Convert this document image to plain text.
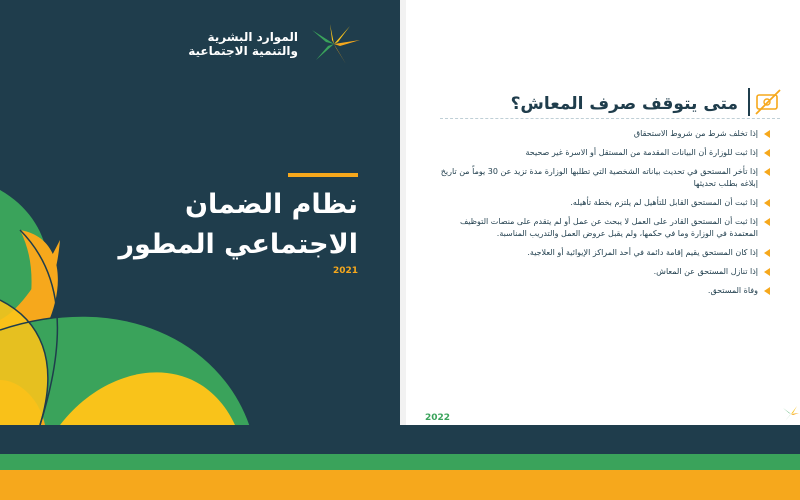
الموارد البشرية
والتنمية الاجتماعية
نظام الضمان
الاجتماعي المطور
2021
متى يتوقف صرف المعاش؟
إذا تخلف شرط من شروط الاستحقاق
إذا ثبت للوزارة أن البيانات المقدمة من المستقل أو الاسرة غير صحيحة
إذا تأخر المستحق في تحديث بياناته الشخصية التي تطلبها الوزارة مدة تزيد عن 30 يوماً من تاريخ إبلاغه بطلب تحديثها
إذا ثبت أن المستحق القابل للتأهيل لم يلتزم بخطة تأهيله.
إذا ثبت أن المستحق القادر على العمل لا يبحث عن عمل أو لم يتقدم على منصات التوظيف المعتمدة في الوزارة وما في حكمها، ولم يقبل عروض العمل والتدريب المناسبة.
إذا كان المستحق يقيم إقامة دائمة في أحد المراكز الإيوائية أو العلاجية.
إذا تنازل المستحق عن المعاش.
وفاة المستحق.
2022
